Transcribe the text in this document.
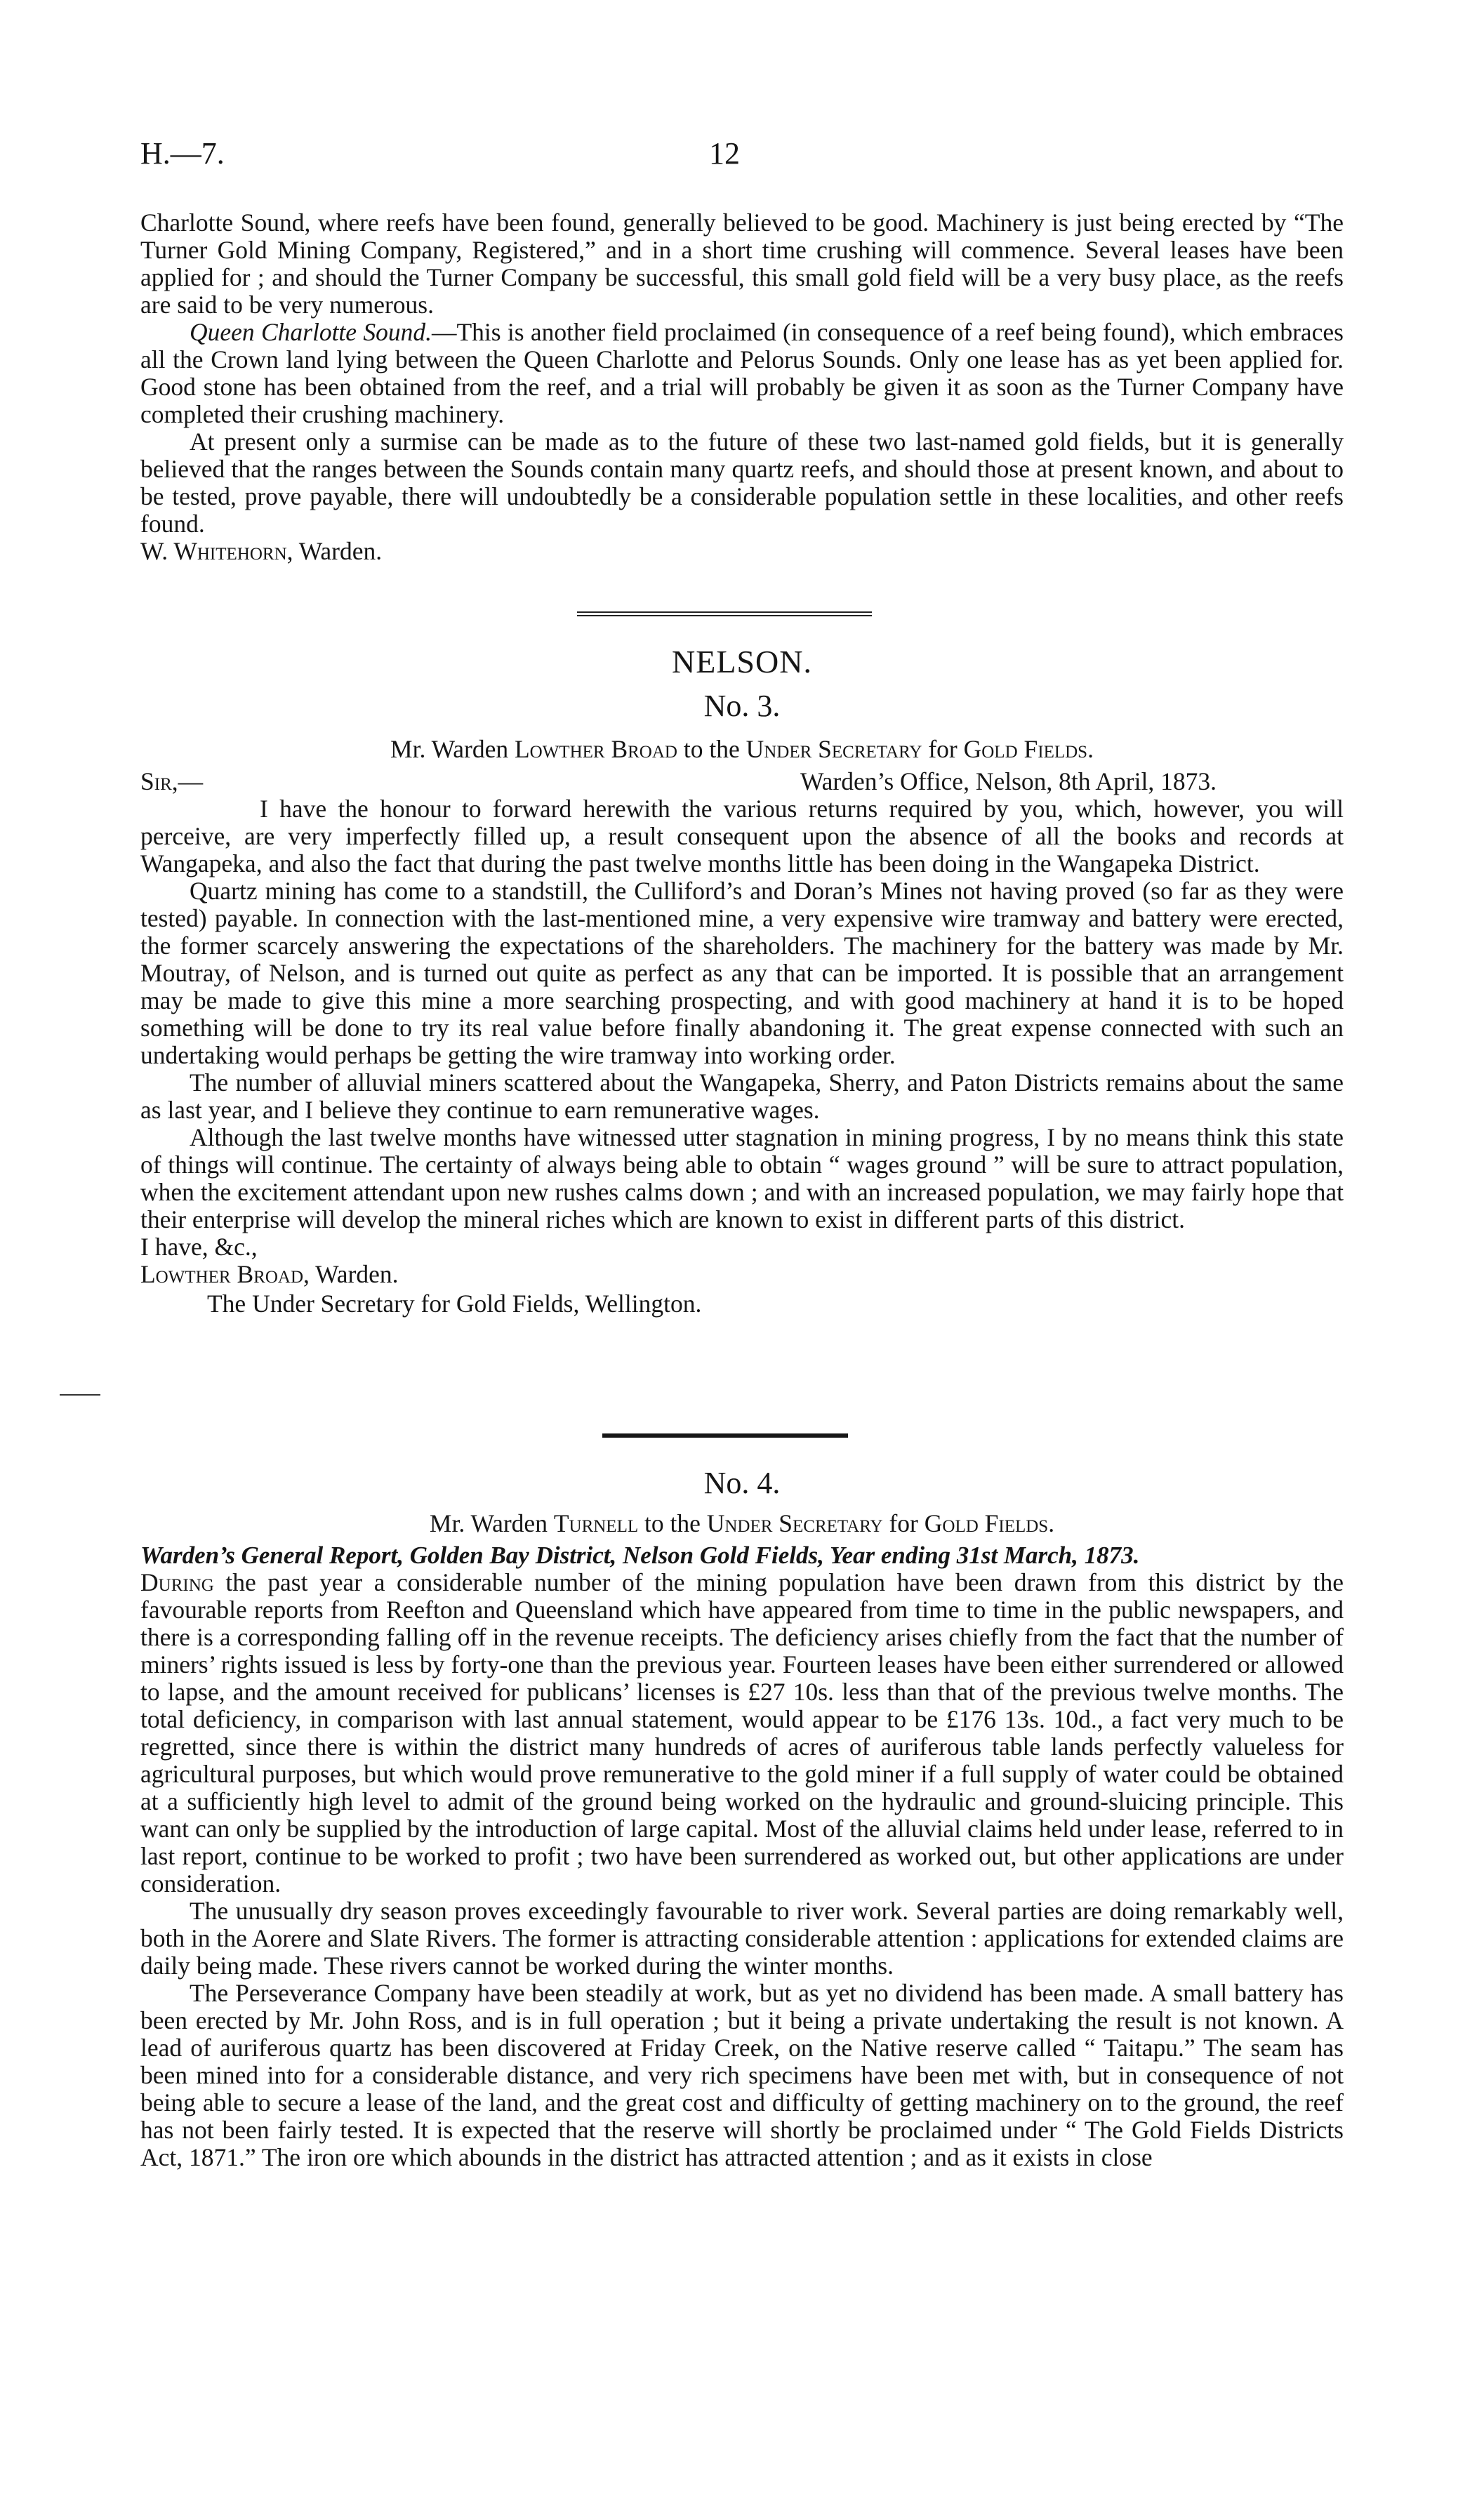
H.—7.	12

Charlotte Sound, where reefs have been found, generally believed to be good. Machinery is just being erected by “The Turner Gold Mining Company, Registered,” and in a short time crushing will commence. Several leases have been applied for ; and should the Turner Company be successful, this small gold field will be a very busy place, as the reefs are said to be very numerous.

Queen Charlotte Sound.—This is another field proclaimed (in consequence of a reef being found), which embraces all the Crown land lying between the Queen Charlotte and Pelorus Sounds. Only one lease has as yet been applied for. Good stone has been obtained from the reef, and a trial will probably be given it as soon as the Turner Company have completed their crushing machinery.

At present only a surmise can be made as to the future of these two last-named gold fields, but it is generally believed that the ranges between the Sounds contain many quartz reefs, and should those at present known, and about to be tested, prove payable, there will undoubtedly be a considerable population settle in these localities, and other reefs found.

W. Whitehorn, Warden.

NELSON.
No. 3.
Mr. Warden Lowther Broad to the Under Secretary for Gold Fields.
Sir,—	Warden’s Office, Nelson, 8th April, 1873.

I have the honour to forward herewith the various returns required by you, which, however, you will perceive, are very imperfectly filled up, a result consequent upon the absence of all the books and records at Wangapeka, and also the fact that during the past twelve months little has been doing in the Wangapeka District.

Quartz mining has come to a standstill, the Culliford’s and Doran’s Mines not having proved (so far as they were tested) payable. In connection with the last-mentioned mine, a very expensive wire tramway and battery were erected, the former scarcely answering the expectations of the shareholders. The machinery for the battery was made by Mr. Moutray, of Nelson, and is turned out quite as perfect as any that can be imported. It is possible that an arrangement may be made to give this mine a more searching prospecting, and with good machinery at hand it is to be hoped something will be done to try its real value before finally abandoning it. The great expense connected with such an undertaking would perhaps be getting the wire tramway into working order.

The number of alluvial miners scattered about the Wangapeka, Sherry, and Paton Districts remains about the same as last year, and I believe they continue to earn remunerative wages.

Although the last twelve months have witnessed utter stagnation in mining progress, I by no means think this state of things will continue. The certainty of always being able to obtain “ wages ground ” will be sure to attract population, when the excitement attendant upon new rushes calms down ; and with an increased population, we may fairly hope that their enterprise will develop the mineral riches which are known to exist in different parts of this district.

I have, &c.,

Lowther Broad, Warden.

The Under Secretary for Gold Fields, Wellington.

No. 4.
Mr. Warden Turnell to the Under Secretary for Gold Fields.

Warden’s General Report, Golden Bay District, Nelson Gold Fields, Year ending 31st March, 1873.

During the past year a considerable number of the mining population have been drawn from this district by the favourable reports from Reefton and Queensland which have appeared from time to time in the public newspapers, and there is a corresponding falling off in the revenue receipts. The deficiency arises chiefly from the fact that the number of miners’ rights issued is less by forty-one than the previous year. Fourteen leases have been either surrendered or allowed to lapse, and the amount received for publicans’ licenses is £27 10s. less than that of the previous twelve months. The total deficiency, in comparison with last annual statement, would appear to be £176 13s. 10d., a fact very much to be regretted, since there is within the district many hundreds of acres of auriferous table lands perfectly valueless for agricultural purposes, but which would prove remunerative to the gold miner if a full supply of water could be obtained at a sufficiently high level to admit of the ground being worked on the hydraulic and ground-sluicing principle. This want can only be supplied by the introduction of large capital. Most of the alluvial claims held under lease, referred to in last report, continue to be worked to profit ; two have been surrendered as worked out, but other applications are under consideration.

The unusually dry season proves exceedingly favourable to river work. Several parties are doing remarkably well, both in the Aorere and Slate Rivers. The former is attracting considerable attention : applications for extended claims are daily being made. These rivers cannot be worked during the winter months.

The Perseverance Company have been steadily at work, but as yet no dividend has been made. A small battery has been erected by Mr. John Ross, and is in full operation ; but it being a private undertaking the result is not known. A lead of auriferous quartz has been discovered at Friday Creek, on the Native reserve called “ Taitapu.” The seam has been mined into for a considerable distance, and very rich specimens have been met with, but in consequence of not being able to secure a lease of the land, and the great cost and difficulty of getting machinery on to the ground, the reef has not been fairly tested. It is expected that the reserve will shortly be proclaimed under “ The Gold Fields Districts Act, 1871.” The iron ore which abounds in the district has attracted attention ; and as it exists in close
